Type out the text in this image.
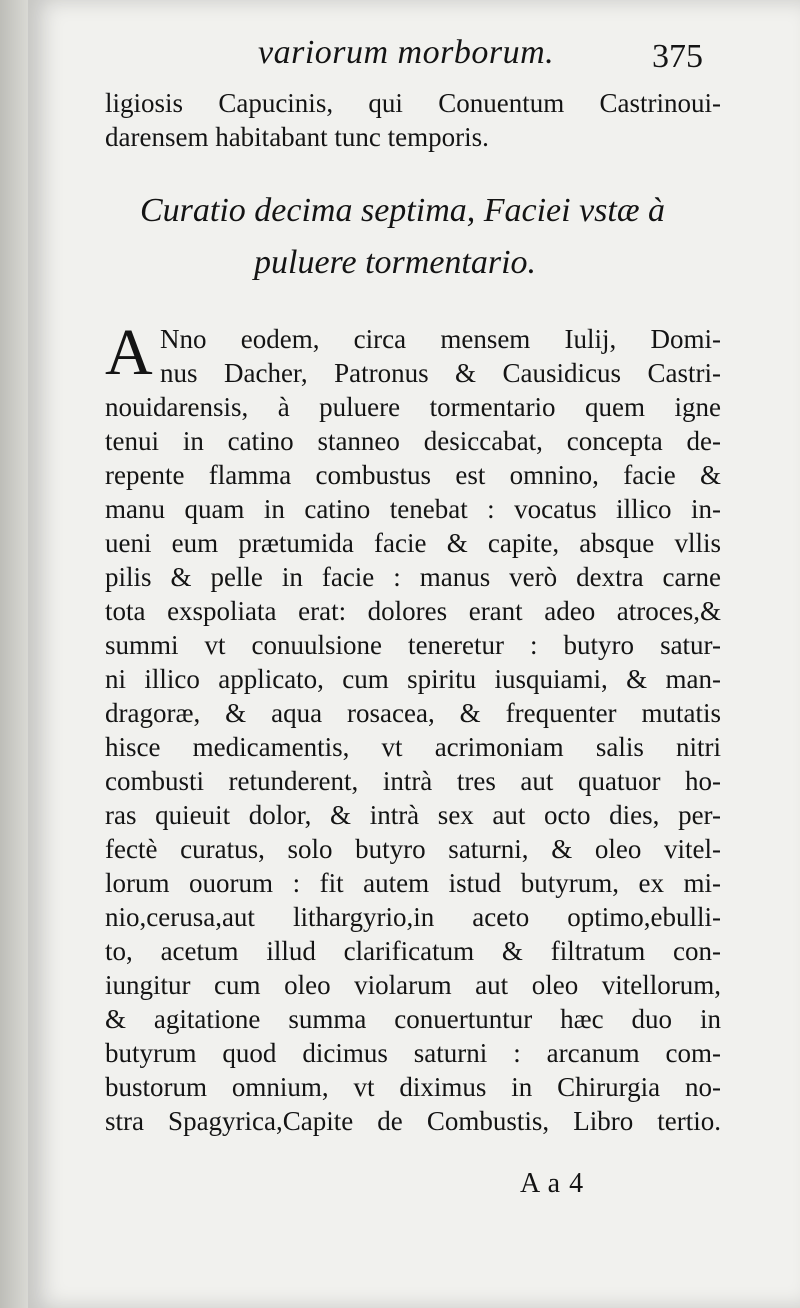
variorum morborum.	375
ligiosis Capucinis, qui Conuentum Castrinoui-
darensem habitabant tunc temporis.
Curatio decima septima, Faciei vstæ à
puluere tormentario.
A Nno eodem, circa mensem Iulij, Domi-
nus Dacher, Patronus & Causidicus Castri-
nouidarensis, à puluere tormentario quem igne
tenui in catino stanneo desiccabat, concepta de-
repente flamma combustus est omnino, facie &
manu quam in catino tenebat : vocatus illico in-
ueni eum prætumida facie & capite, absque vllis
pilis & pelle in facie : manus verò dextra carne
tota exspoliata erat: dolores erant adeo atroces,&
summi vt conuulsione teneretur : butyro satur-
ni illico applicato, cum spiritu iusquiami, & man-
dragoræ, & aqua rosacea, & frequenter mutatis
hisce medicamentis, vt acrimoniam salis nitri
combusti retunderent, intrà tres aut quatuor ho-
ras quieuit dolor, & intrà sex aut octo dies, per-
fectè curatus, solo butyro saturni, & oleo vitel-
lorum ouorum : fit autem istud butyrum, ex mi-
nio,cerusa,aut lithargyrio,in aceto optimo,ebulli-
to, acetum illud clarificatum & filtratum con-
iungitur cum oleo violarum aut oleo vitellorum,
& agitatione summa conuertuntur hæc duo in
butyrum quod dicimus saturni : arcanum com-
bustorum omnium, vt diximus in Chirurgia no-
stra Spagyrica,Capite de Combustis, Libro tertio.
A a 4
